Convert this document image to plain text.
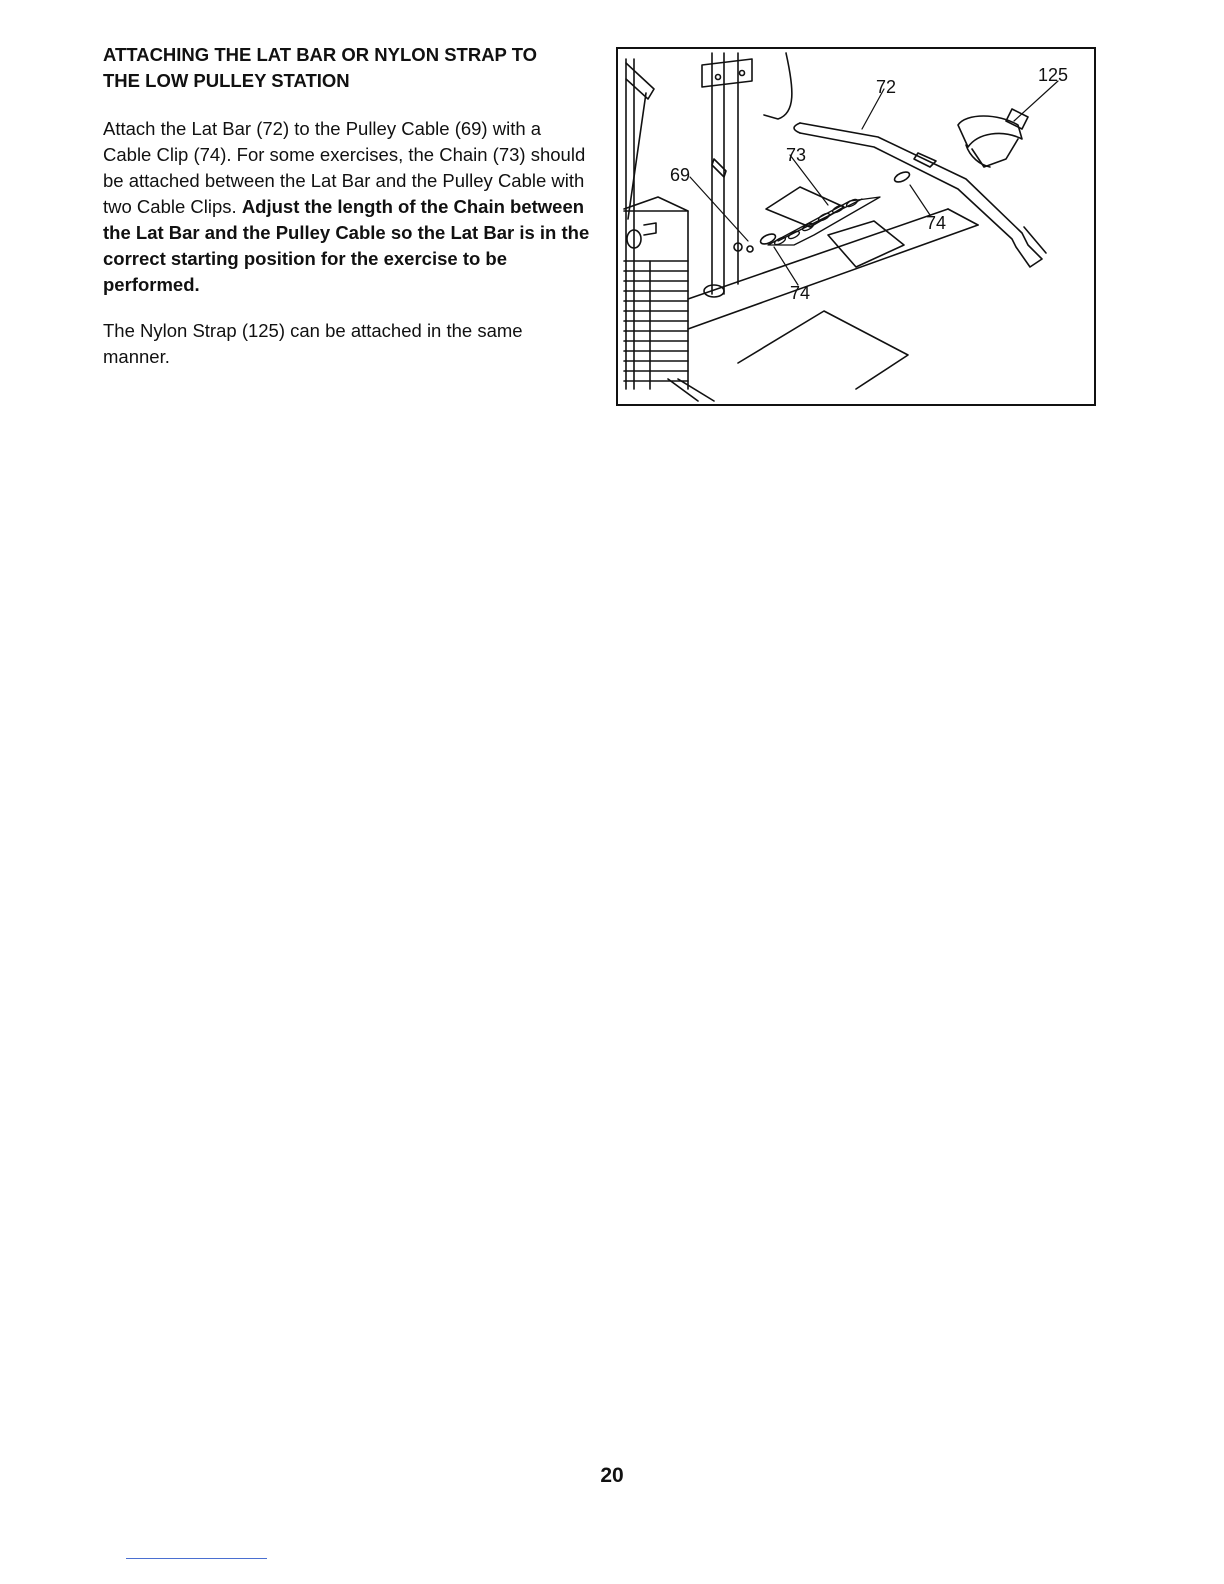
ATTACHING THE LAT BAR OR NYLON STRAP TO
THE LOW PULLEY STATION

Attach the Lat Bar (72) to the Pulley Cable (69) with a Cable Clip (74). For some exercises, the Chain (73) should be attached between the Lat Bar and the Pulley Cable with two Cable Clips. Adjust the length of the Chain between the Lat Bar and the Pulley Cable so the Lat Bar is in the correct starting position for the exercise to be performed.

The Nylon Strap (125) can be attached in the same manner.

72
125
73
69
74
74
20
